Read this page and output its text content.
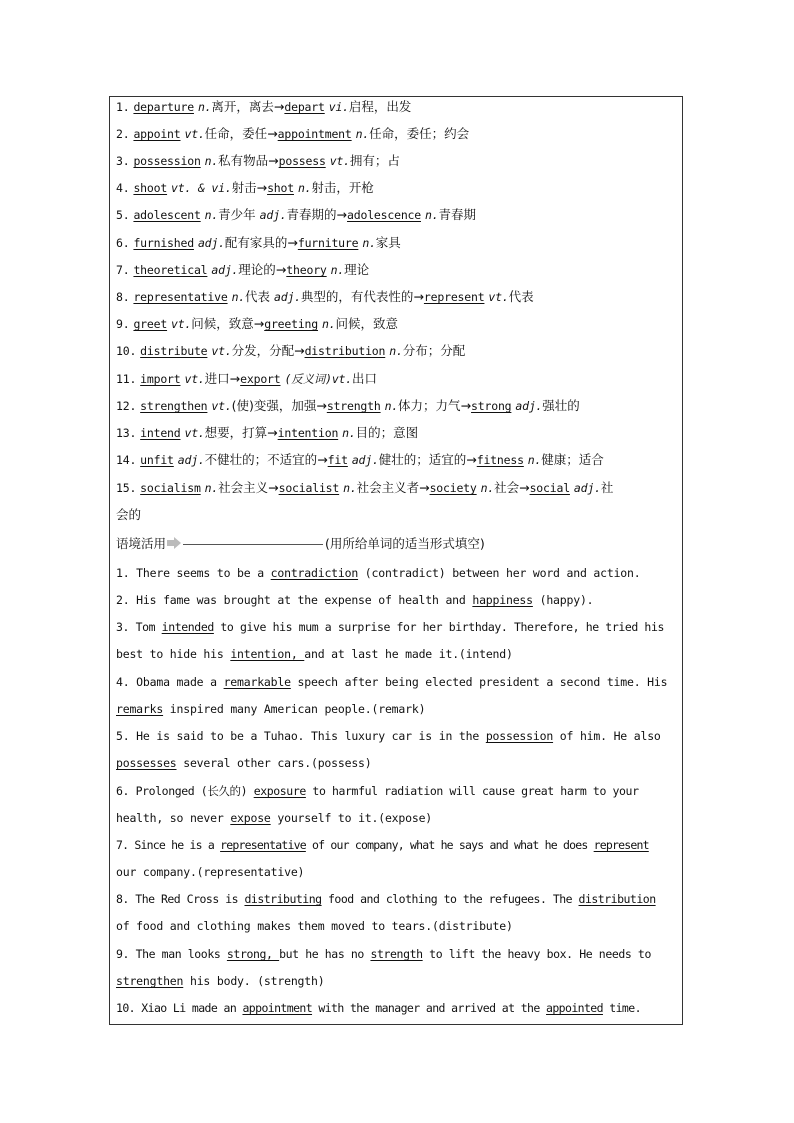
1. departure n.离开，离去→depart vi.启程，出发
2. appoint vt.任命，委任→appointment n.任命，委任；约会
3. possession n.私有物品→possess vt.拥有；占
4. shoot vt. & vi.射击→shot n.射击，开枪
5. adolescent n.青少年 adj.青春期的→adolescence n.青春期
6. furnished adj.配有家具的→furniture n.家具
7. theoretical adj.理论的→theory n.理论
8. representative n.代表 adj.典型的，有代表性的→represent vt.代表
9. greet vt.问候，致意→greeting n.问候，致意
10. distribute vt.分发，分配→distribution n.分布；分配
11. import vt.进口→export (反义词)vt.出口
12. strengthen vt.(使)变强，加强→strength n.体力；力气→strong adj.强壮的
13. intend vt.想要，打算→intention n.目的；意图
14. unfit adj.不健壮的；不适宜的→fit adj.健壮的；适宜的→fitness n.健康；适合
15. socialism n.社会主义→socialist n.社会主义者→society n.社会→social adj.社
会的
语境活用	(用所给单词的适当形式填空)
1. There seems to be a contradiction (contradict) between her word and action.
2. His fame was brought at the expense of health and happiness (happy).
3. Tom intended to give his mum a surprise for her birthday. Therefore, he tried his
best to hide his intention, and at last he made it.(intend)
4. Obama made a remarkable speech after being elected president a second time. His
remarks inspired many American people.(remark)
5. He is said to be a Tuhao. This luxury car is in the possession of him. He also
possesses several other cars.(possess)
6. Prolonged (长久的) exposure to harmful radiation will cause great harm to your
health, so never expose yourself to it.(expose)
7. Since he is a representative of our company, what he says and what he does represent
our company.(representative)
8. The Red Cross is distributing food and clothing to the refugees. The distribution
of food and clothing makes them moved to tears.(distribute)
9. The man looks strong, but he has no strength to lift the heavy box. He needs to
strengthen his body. (strength)
10. Xiao Li made an appointment with the manager and arrived at the appointed time.
